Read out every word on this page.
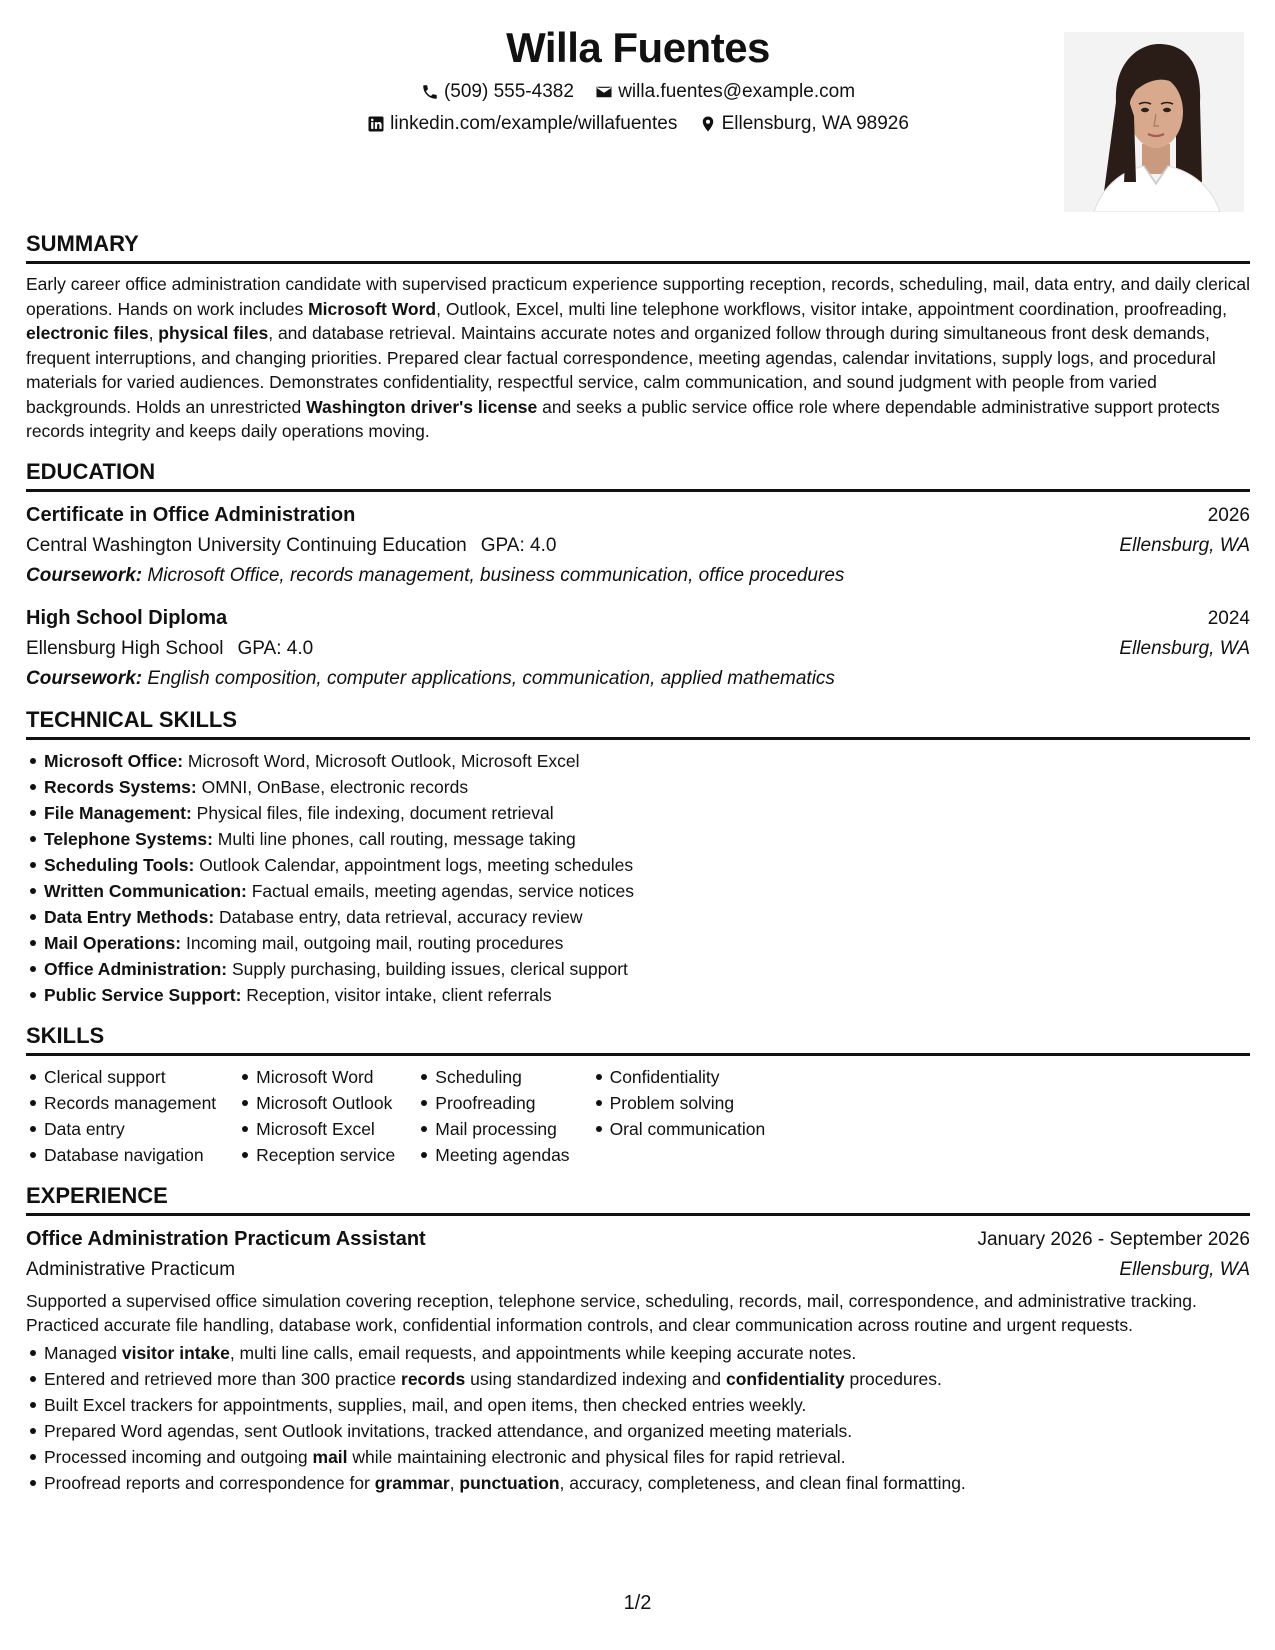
Willa Fuentes
(509) 555-4382
willa.fuentes@example.com
linkedin.com/example/willafuentes
Ellensburg, WA 98926
SUMMARY

Early career office administration candidate with supervised practicum experience supporting reception, records, scheduling, mail, data entry, and daily clerical operations. Hands on work includes Microsoft Word, Outlook, Excel, multi line telephone workflows, visitor intake, appointment coordination, proofreading, electronic files, physical files, and database retrieval. Maintains accurate notes and organized follow through during simultaneous front desk demands, frequent interruptions, and changing priorities. Prepared clear factual correspondence, meeting agendas, calendar invitations, supply logs, and procedural materials for varied audiences. Demonstrates confidentiality, respectful service, calm communication, and sound judgment with people from varied backgrounds. Holds an unrestricted Washington driver's license and seeks a public service office role where dependable administrative support protects records integrity and keeps daily operations moving.

EDUCATION
Certificate in Office Administration	2026
Central Washington University Continuing Education GPA: 4.0	Ellensburg, WA
Coursework: Microsoft Office, records management, business communication, office procedures
High School Diploma	2024
Ellensburg High School GPA: 4.0	Ellensburg, WA
Coursework: English composition, computer applications, communication, applied mathematics
TECHNICAL SKILLS
Microsoft Office: Microsoft Word, Microsoft Outlook, Microsoft Excel
Records Systems: OMNI, OnBase, electronic records
File Management: Physical files, file indexing, document retrieval
Telephone Systems: Multi line phones, call routing, message taking
Scheduling Tools: Outlook Calendar, appointment logs, meeting schedules
Written Communication: Factual emails, meeting agendas, service notices
Data Entry Methods: Database entry, data retrieval, accuracy review
Mail Operations: Incoming mail, outgoing mail, routing procedures
Office Administration: Supply purchasing, building issues, clerical support
Public Service Support: Reception, visitor intake, client referrals
SKILLS
Clerical support
Records management
Data entry
Database navigation
Microsoft Word
Microsoft Outlook
Microsoft Excel
Reception service
Scheduling
Proofreading
Mail processing
Meeting agendas
Confidentiality
Problem solving
Oral communication
EXPERIENCE
Office Administration Practicum Assistant	January 2026 - September 2026
Administrative Practicum	Ellensburg, WA

Supported a supervised office simulation covering reception, telephone service, scheduling, records, mail, correspondence, and administrative tracking. Practiced accurate file handling, database work, confidential information controls, and clear communication across routine and urgent requests.

Managed visitor intake, multi line calls, email requests, and appointments while keeping accurate notes.
Entered and retrieved more than 300 practice records using standardized indexing and confidentiality procedures.
Built Excel trackers for appointments, supplies, mail, and open items, then checked entries weekly.
Prepared Word agendas, sent Outlook invitations, tracked attendance, and organized meeting materials.
Processed incoming and outgoing mail while maintaining electronic and physical files for rapid retrieval.
Proofread reports and correspondence for grammar, punctuation, accuracy, completeness, and clean final formatting.
1/2
